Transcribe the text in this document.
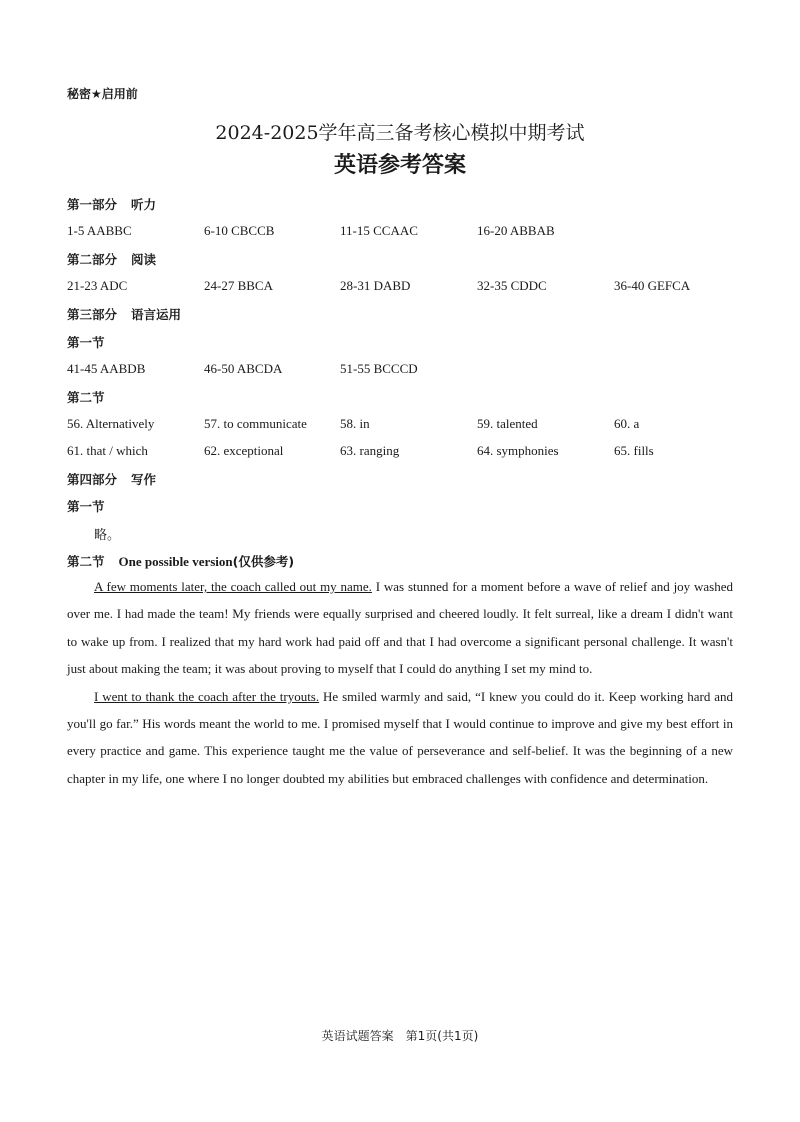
秘密★启用前
2024-2025学年高三备考核心模拟中期考试
英语参考答案
第一部分 听力
1-5 AABBC	6-10 CBCCB	11-15 CCAAC	16-20 ABBAB
第二部分 阅读
21-23 ADC	24-27 BBCA	28-31 DABD	32-35 CDDC	36-40 GEFCA
第三部分 语言运用
第一节
41-45 AABDB	46-50 ABCDA	51-55 BCCCD
第二节
56. Alternatively	57. to communicate	58. in	59. talented	60. a
61. that / which	62. exceptional	63. ranging	64. symphonies	65. fills
第四部分 写作
第一节
略。
第二节 One possible version(仅供参考)

A few moments later, the coach called out my name. I was stunned for a moment before a wave of relief and joy washed over me. I had made the team! My friends were equally surprised and cheered loudly. It felt surreal, like a dream I didn't want to wake up from. I realized that my hard work had paid off and that I had overcome a significant personal challenge. It wasn't just about making the team; it was about proving to myself that I could do anything I set my mind to.

I went to thank the coach after the tryouts. He smiled warmly and said, “I knew you could do it. Keep working hard and you'll go far.” His words meant the world to me. I promised myself that I would continue to improve and give my best effort in every practice and game. This experience taught me the value of perseverance and self-belief. It was the beginning of a new chapter in my life, one where I no longer doubted my abilities but embraced challenges with confidence and determination.

英语试题答案　第1页(共1页)
